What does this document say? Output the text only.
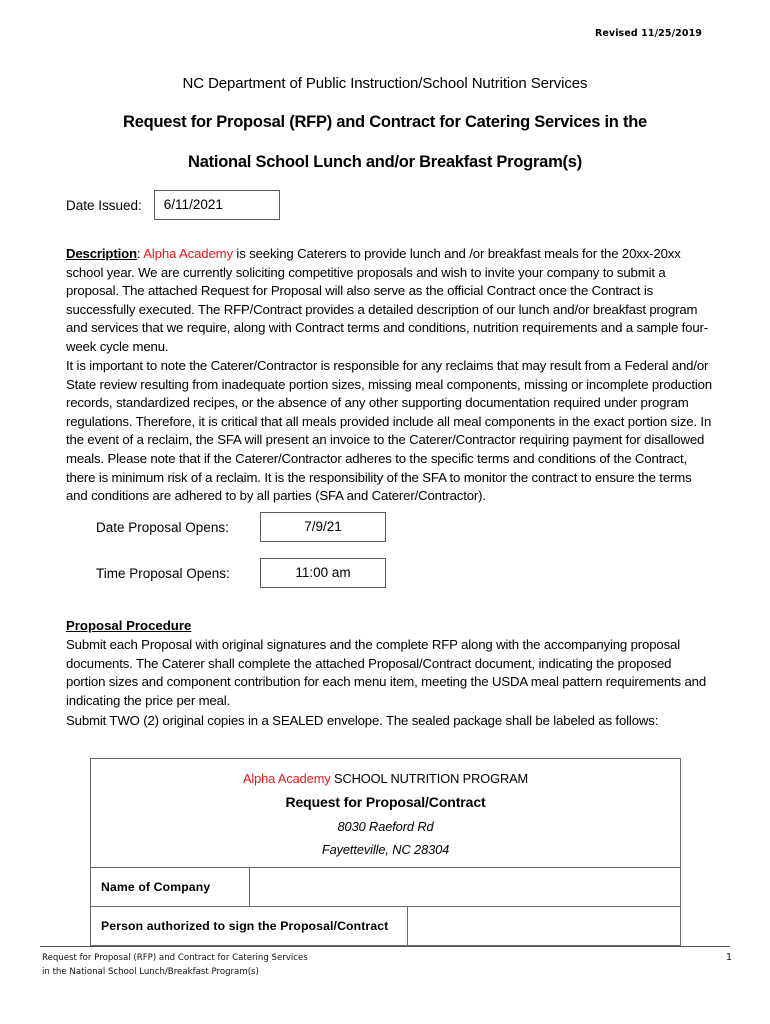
Revised 11/25/2019
NC Department of Public Instruction/School Nutrition Services
Request for Proposal (RFP) and Contract for Catering Services in the
National School Lunch and/or Breakfast Program(s)
Date Issued:	6/11/2021
Description: Alpha Academy is seeking Caterers to provide lunch and /or breakfast meals for the 20xx-20xx school year. We are currently soliciting competitive proposals and wish to invite your company to submit a proposal. The attached Request for Proposal will also serve as the official Contract once the Contract is successfully executed. The RFP/Contract provides a detailed description of our lunch and/or breakfast program and services that we require, along with Contract terms and conditions, nutrition requirements and a sample four-week cycle menu.
It is important to note the Caterer/Contractor is responsible for any reclaims that may result from a Federal and/or State review resulting from inadequate portion sizes, missing meal components, missing or incomplete production records, standardized recipes, or the absence of any other supporting documentation required under program regulations. Therefore, it is critical that all meals provided include all meal components in the exact portion size. In the event of a reclaim, the SFA will present an invoice to the Caterer/Contractor requiring payment for disallowed meals. Please note that if the Caterer/Contractor adheres to the specific terms and conditions of the Contract, there is minimum risk of a reclaim. It is the responsibility of the SFA to monitor the contract to ensure the terms and conditions are adhered to by all parties (SFA and Caterer/Contractor).
Date Proposal Opens:	7/9/21
Time Proposal Opens:	11:00 am
Proposal Procedure
Submit each Proposal with original signatures and the complete RFP along with the accompanying proposal documents. The Caterer shall complete the attached Proposal/Contract document, indicating the proposed portion sizes and component contribution for each menu item, meeting the USDA meal pattern requirements and indicating the price per meal.
Submit TWO (2) original copies in a SEALED envelope. The sealed package shall be labeled as follows:
Alpha Academy SCHOOL NUTRITION PROGRAM
Request for Proposal/Contract
8030 Raeford Rd
Fayetteville, NC 28304		

Name of Company		
Person authorized to sign the Proposal/Contract		
Request for Proposal (RFP) and Contract for Catering Services
in the National School Lunch/Breakfast Program(s)
1
